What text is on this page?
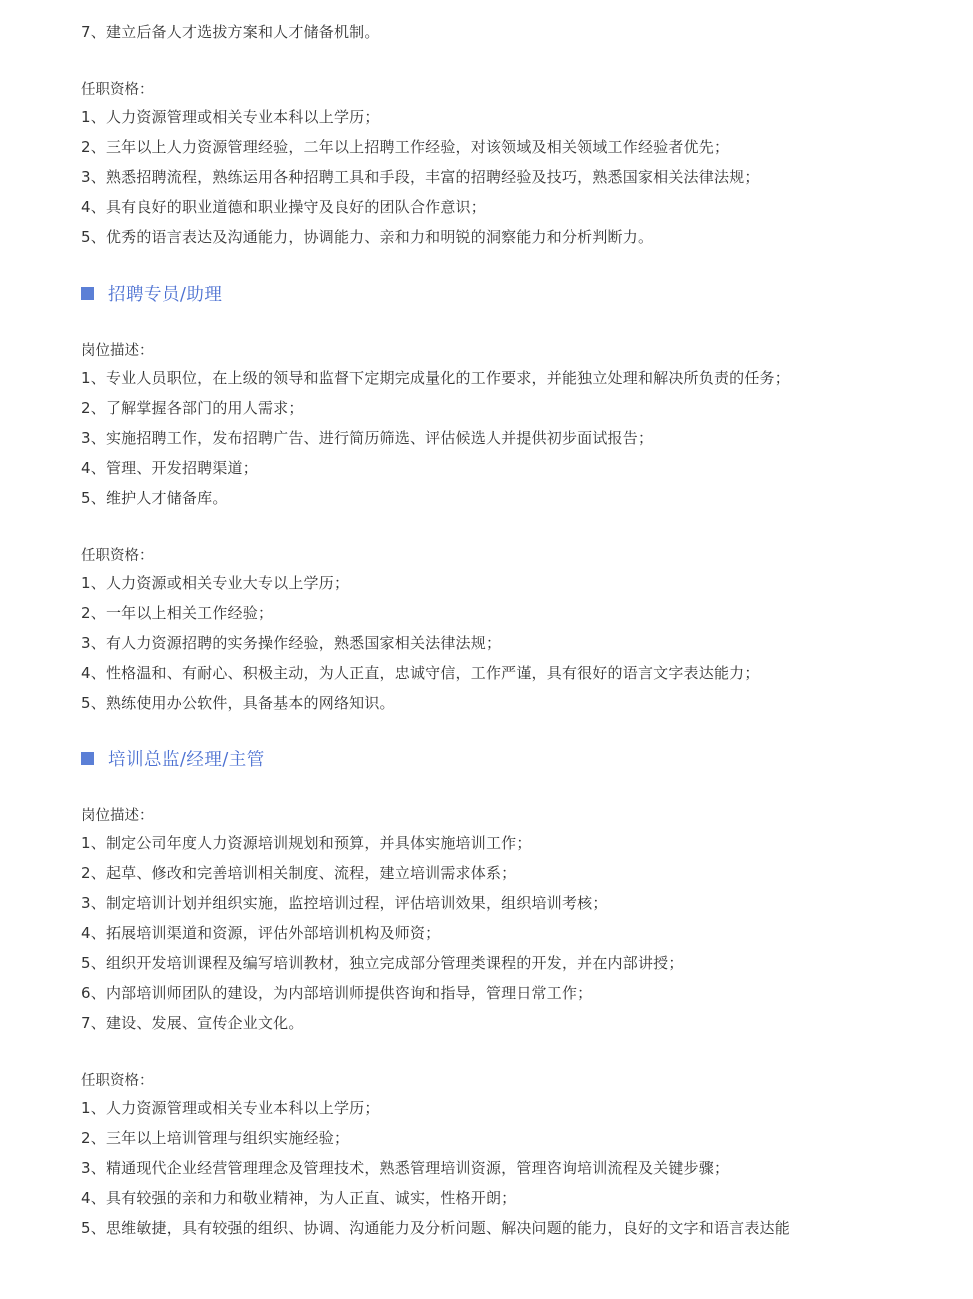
7、建立后备人才选拔方案和人才储备机制。
任职资格：
1、人力资源管理或相关专业本科以上学历；
2、三年以上人力资源管理经验，二年以上招聘工作经验，对该领域及相关领域工作经验者优先；
3、熟悉招聘流程，熟练运用各种招聘工具和手段，丰富的招聘经验及技巧，熟悉国家相关法律法规；
4、具有良好的职业道德和职业操守及良好的团队合作意识；
5、优秀的语言表达及沟通能力，协调能力、亲和力和明锐的洞察能力和分析判断力。
招聘专员/助理
岗位描述：
1、专业人员职位，在上级的领导和监督下定期完成量化的工作要求，并能独立处理和解决所负责的任务；
2、了解掌握各部门的用人需求；
3、实施招聘工作，发布招聘广告、进行简历筛选、评估候选人并提供初步面试报告；
4、管理、开发招聘渠道；
5、维护人才储备库。
任职资格：
1、人力资源或相关专业大专以上学历；
2、一年以上相关工作经验；
3、有人力资源招聘的实务操作经验，熟悉国家相关法律法规；
4、性格温和、有耐心、积极主动，为人正直，忠诚守信，工作严谨，具有很好的语言文字表达能力；
5、熟练使用办公软件，具备基本的网络知识。
培训总监/经理/主管
岗位描述：
1、制定公司年度人力资源培训规划和预算，并具体实施培训工作；
2、起草、修改和完善培训相关制度、流程，建立培训需求体系；
3、制定培训计划并组织实施，监控培训过程，评估培训效果，组织培训考核；
4、拓展培训渠道和资源，评估外部培训机构及师资；
5、组织开发培训课程及编写培训教材，独立完成部分管理类课程的开发，并在内部讲授；
6、内部培训师团队的建设，为内部培训师提供咨询和指导，管理日常工作；
7、建设、发展、宣传企业文化。
任职资格：
1、人力资源管理或相关专业本科以上学历；
2、三年以上培训管理与组织实施经验；
3、精通现代企业经营管理理念及管理技术，熟悉管理培训资源，管理咨询培训流程及关键步骤；
4、具有较强的亲和力和敬业精神，为人正直、诚实，性格开朗；
5、思维敏捷，具有较强的组织、协调、沟通能力及分析问题、解决问题的能力，良好的文字和语言表达能
